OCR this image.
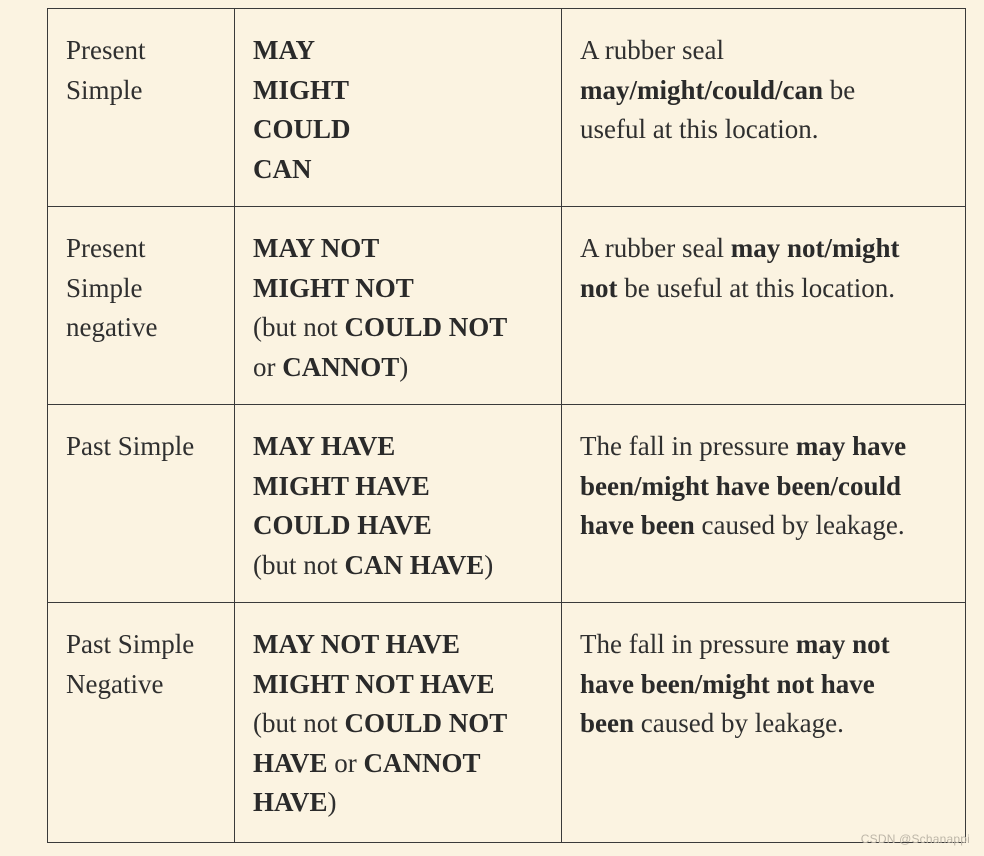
Present
Simple	MAY
MIGHT
COULD
CAN	A rubber seal
may/might/could/can be
useful at this location.

Present
Simple
negative	MAY NOT
MIGHT NOT
(but not COULD NOT
or CANNOT)	A rubber seal may not/might
not be useful at this location.

Past Simple	MAY HAVE
MIGHT HAVE
COULD HAVE
(but not CAN HAVE)	The fall in pressure may have
been/might have been/could
have been caused by leakage.

Past Simple
Negative	MAY NOT HAVE
MIGHT NOT HAVE
(but not COULD NOT
HAVE or CANNOT
HAVE)	The fall in pressure may not
have been/might not have
been caused by leakage.
CSDN @Schanappi
